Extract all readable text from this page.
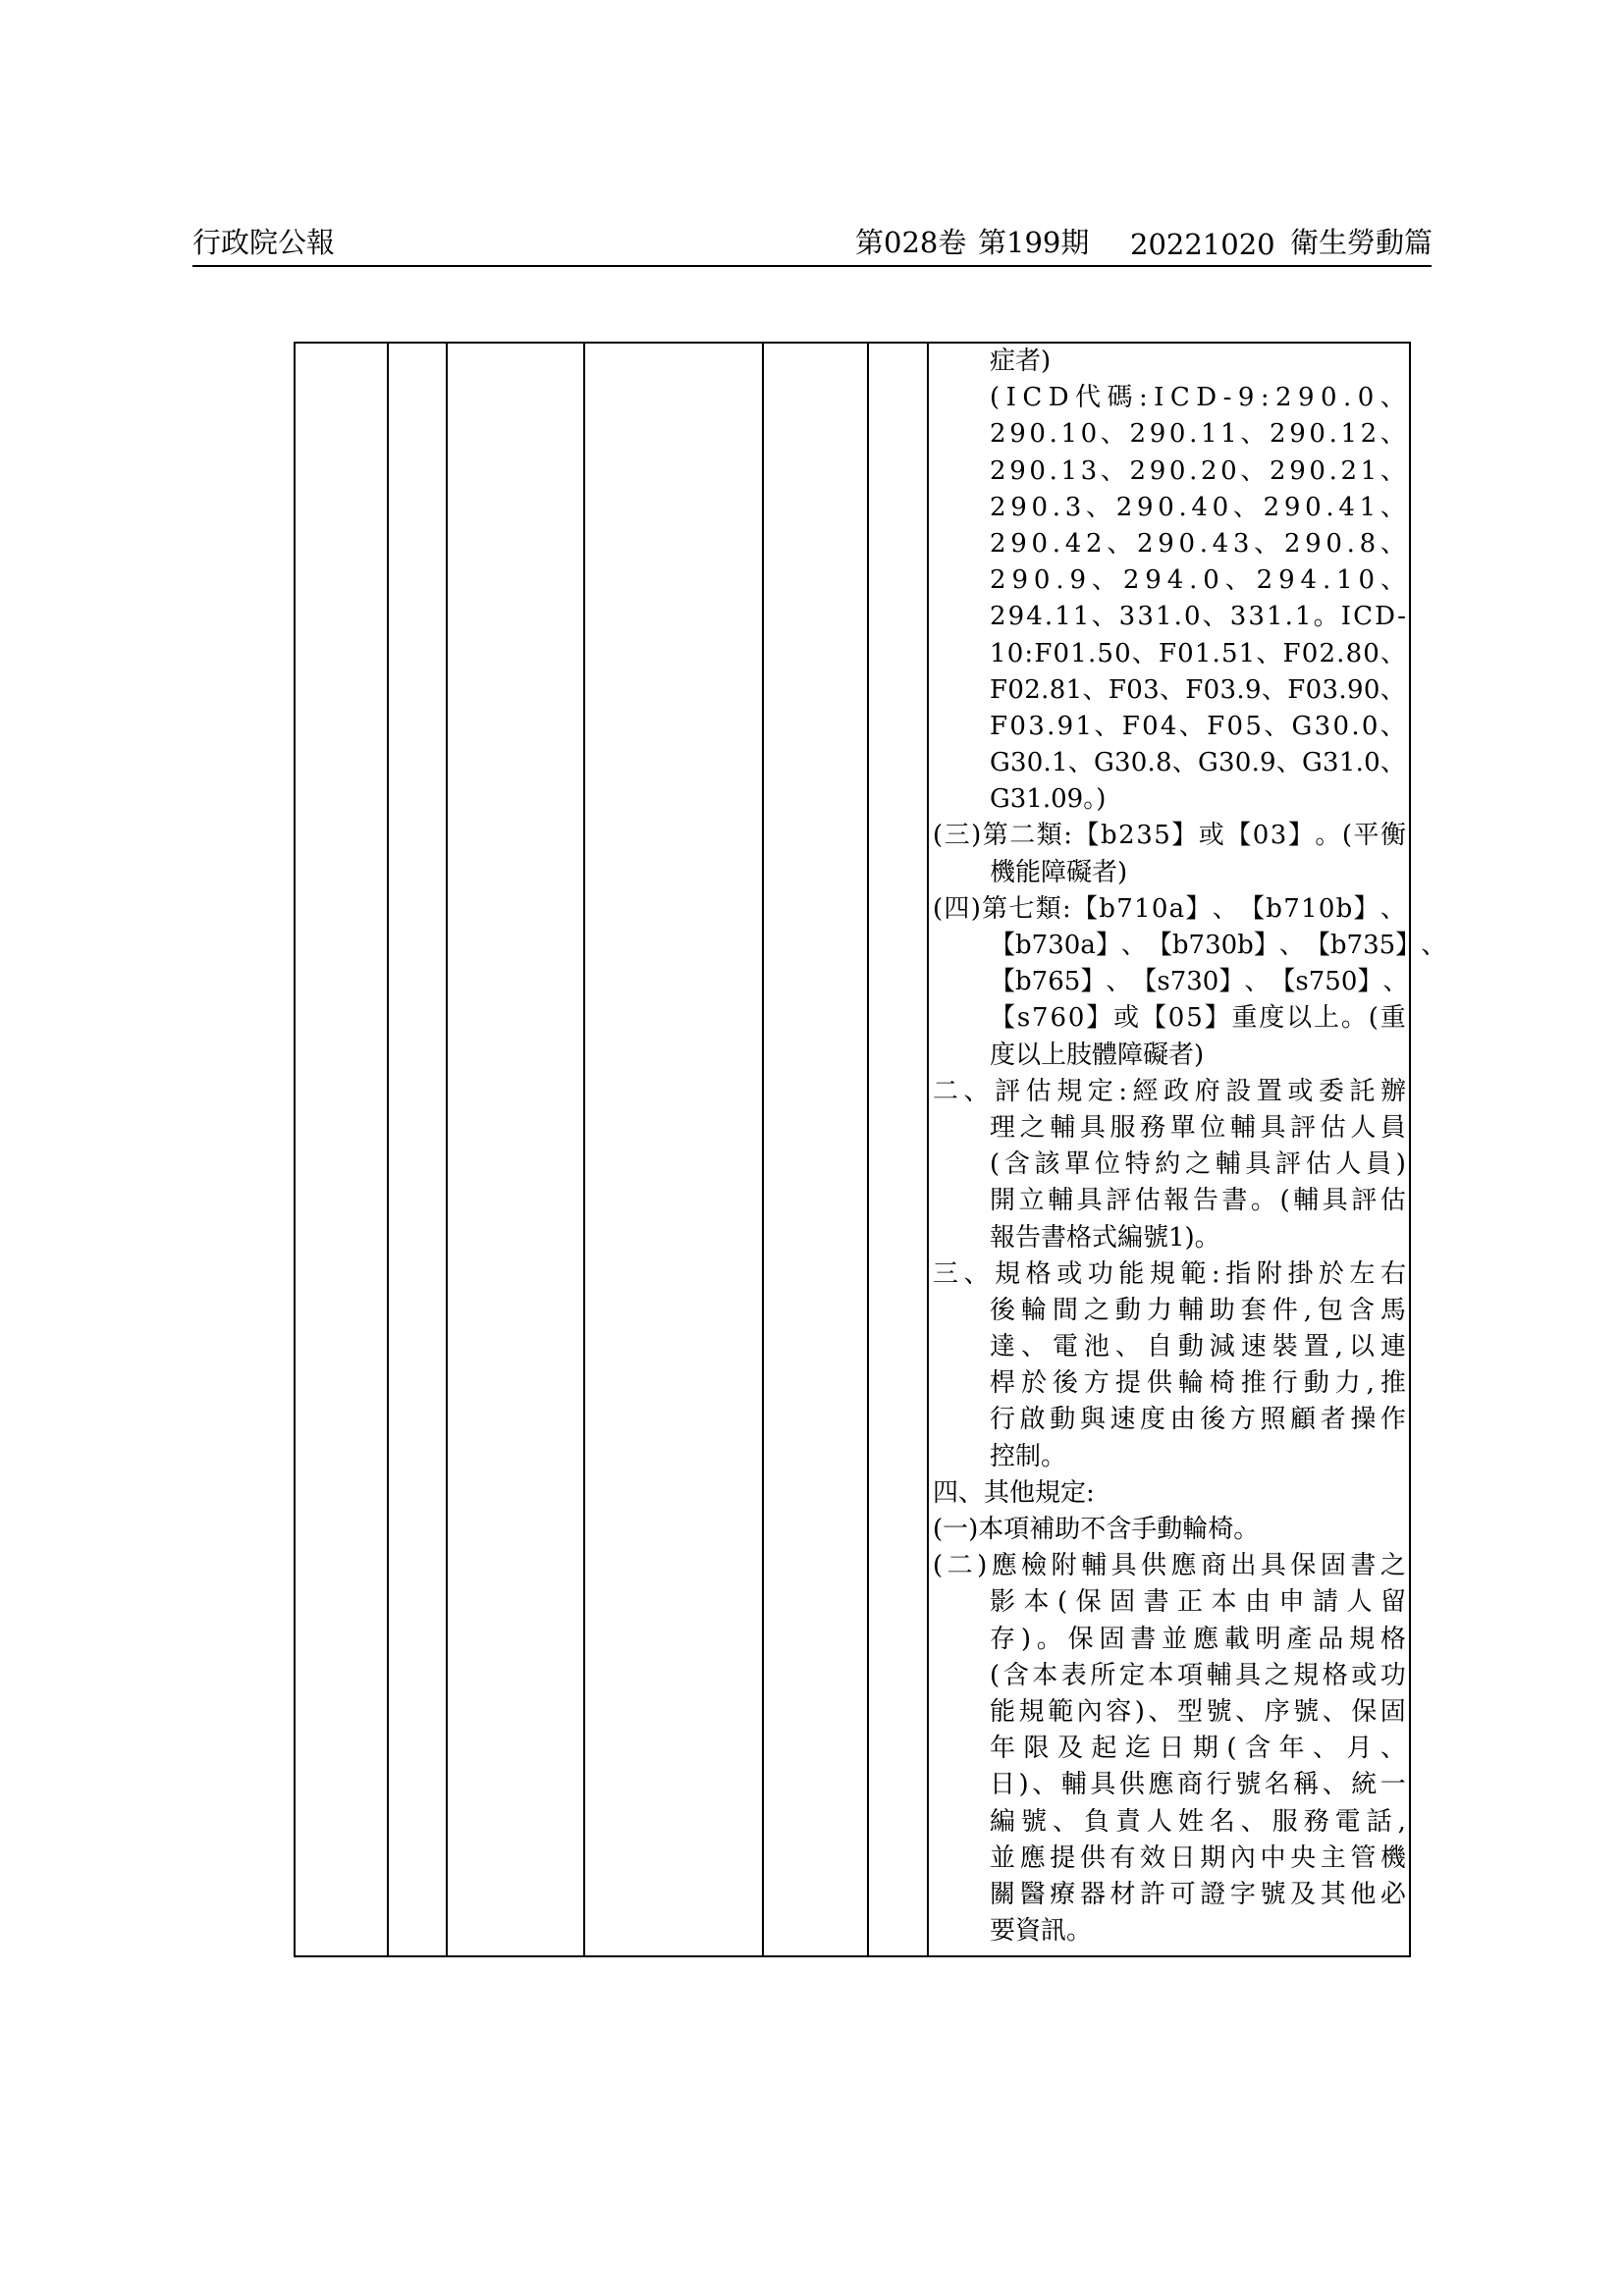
行政院公報	第028卷 第199期 20221020 衛生勞動篇
症者)
( I C D 代 碼 : I C D - 9 : 2 9 0 . 0 、
2 9 0 . 1 0 、 2 9 0 . 1 1 、 2 9 0 . 1 2 、
2 9 0 . 1 3 、 2 9 0 . 2 0 、 2 9 0 . 2 1 、
2 9 0 . 3 、 2 9 0 . 4 0 、 2 9 0 . 4 1 、
2 9 0 . 4 2 、 2 9 0 . 4 3 、 2 9 0 . 8 、
2 9 0 . 9 、 2 9 4 . 0 、 2 9 4 . 1 0 、
2 9 4 . 1 1 、 3 3 1 . 0 、 3 3 1 . 1 。 I C D -
1 0 : F 0 1 . 5 0 、 F 0 1 . 5 1 、 F 0 2 . 8 0 、
F 0 2 . 8 1 、 F 0 3 、 F 0 3 . 9 、 F 0 3 . 9 0 、
F 0 3 . 9 1 、 F 0 4 、 F 0 5 、 G 3 0 . 0 、
G 3 0 . 1 、 G 3 0 . 8 、 G 3 0 . 9 、 G 3 1 . 0 、
G31.09。)
( 三 ) 第 二 類 : 【 b 2 3 5 】 或 【 0 3 】 。 ( 平 衡
機能障礙者)
( 四 ) 第 七 類 : 【 b 7 1 0 a 】 、 【 b 7 1 0 b 】 、
【 b 7 3 0 a 】 、 【 b 7 3 0 b 】 、 【 b 7 3 5 】 、
【 b 7 6 5 】 、 【 s 7 3 0 】 、 【 s 7 5 0 】 、
【 s 7 6 0 】 或 【 0 5 】 重 度 以 上 。 ( 重
度以上肢體障礙者)
二 、 評 估 規 定 : 經 政 府 設 置 或 委 託 辦
理 之 輔 具 服 務 單 位 輔 具 評 估 人 員
( 含 該 單 位 特 約 之 輔 具 評 估 人 員 )
開 立 輔 具 評 估 報 告 書 。 ( 輔 具 評 估
報告書格式編號1)。
三 、 規 格 或 功 能 規 範 : 指 附 掛 於 左 右
後 輪 間 之 動 力 輔 助 套 件 , 包 含 馬
達 、 電 池 、 自 動 減 速 裝 置 , 以 連
桿 於 後 方 提 供 輪 椅 推 行 動 力 , 推
行 啟 動 與 速 度 由 後 方 照 顧 者 操 作
控制。
四、其他規定:
(一)本項補助不含手動輪椅。
( 二 ) 應 檢 附 輔 具 供 應 商 出 具 保 固 書 之
影 本 ( 保 固 書 正 本 由 申 請 人 留
存 ) 。 保 固 書 並 應 載 明 產 品 規 格
( 含 本 表 所 定 本 項 輔 具 之 規 格 或 功
能 規 範 內 容 ) 、 型 號 、 序 號 、 保 固
年 限 及 起 迄 日 期 ( 含 年 、 月 、
日 ) 、 輔 具 供 應 商 行 號 名 稱 、 統 一
編 號 、 負 責 人 姓 名 、 服 務 電 話 ,
並 應 提 供 有 效 日 期 內 中 央 主 管 機
關 醫 療 器 材 許 可 證 字 號 及 其 他 必
要資訊。
